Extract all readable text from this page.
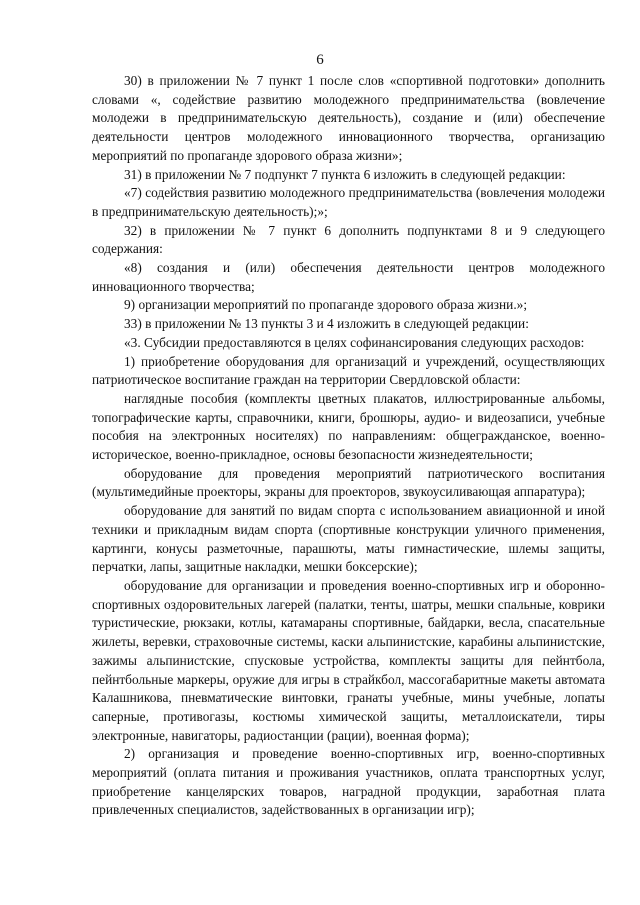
6

30) в приложении № 7 пункт 1 после слов «спортивной подготовки» дополнить словами «, содействие развитию молодежного предпринимательства (вовлечение молодежи в предпринимательскую деятельность), создание и (или) обеспечение деятельности центров молодежного инновационного творчества, организацию мероприятий по пропаганде здорового образа жизни»;

31) в приложении № 7 подпункт 7 пункта 6 изложить в следующей редакции:

«7) содействия развитию молодежного предпринимательства (вовлечения молодежи в предпринимательскую деятельность);»;

32) в приложении № 7 пункт 6 дополнить подпунктами 8 и 9 следующего содержания:

«8) создания и (или) обеспечения деятельности центров молодежного инновационного творчества;

9) организации мероприятий по пропаганде здорового образа жизни.»;

33) в приложении № 13 пункты 3 и 4 изложить в следующей редакции:

«3. Субсидии предоставляются в целях софинансирования следующих расходов:

1) приобретение оборудования для организаций и учреждений, осуществляющих патриотическое воспитание граждан на территории Свердловской области:

наглядные пособия (комплекты цветных плакатов, иллюстрированные альбомы, топографические карты, справочники, книги, брошюры, аудио- и видеозаписи, учебные пособия на электронных носителях) по направлениям: общегражданское, военно-историческое, военно-прикладное, основы безопасности жизнедеятельности;

оборудование для проведения мероприятий патриотического воспитания (мультимедийные проекторы, экраны для проекторов, звукоусиливающая аппаратура);

оборудование для занятий по видам спорта с использованием авиационной и иной техники и прикладным видам спорта (спортивные конструкции уличного применения, картинги, конусы разметочные, парашюты, маты гимнастические, шлемы защиты, перчатки, лапы, защитные накладки, мешки боксерские);

оборудование для организации и проведения военно-спортивных игр и оборонно-спортивных оздоровительных лагерей (палатки, тенты, шатры, мешки спальные, коврики туристические, рюкзаки, котлы, катамараны спортивные, байдарки, весла, спасательные жилеты, веревки, страховочные системы, каски альпинистские, карабины альпинистские, зажимы альпинистские, спусковые устройства, комплекты защиты для пейнтбола, пейнтбольные маркеры, оружие для игры в страйкбол, массогабаритные макеты автомата Калашникова, пневматические винтовки, гранаты учебные, мины учебные, лопаты саперные, противогазы, костюмы химической защиты, металлоискатели, тиры электронные, навигаторы, радиостанции (рации), военная форма);

2) организация и проведение военно-спортивных игр, военно-спортивных мероприятий (оплата питания и проживания участников, оплата транспортных услуг, приобретение канцелярских товаров, наградной продукции, заработная плата привлеченных специалистов, задействованных в организации игр);
